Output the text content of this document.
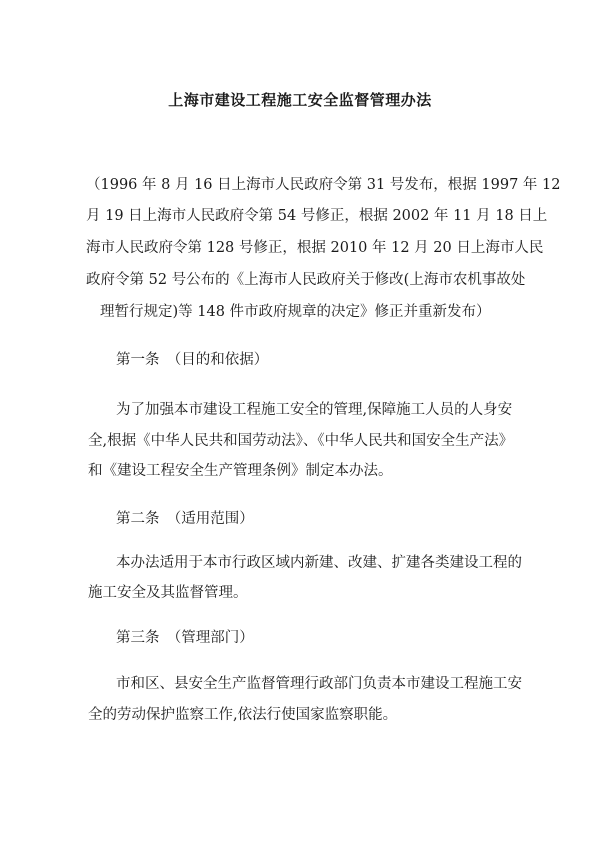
上海市建设工程施工安全监督管理办法

（1996 年 8 月 16 日上海市人民政府令第 31 号发布，根据 1997 年 12

月 19 日上海市人民政府令第 54 号修正，根据 2002 年 11 月 18 日上

海市人民政府令第 128 号修正，根据 2010 年 12 月 20 日上海市人民

政府令第 52 号公布的《上海市人民政府关于修改(上海市农机事故处

理暂行规定)等 148 件市政府规章的决定》修正并重新发布）

第一条　（目的和依据）

为了加强本市建设工程施工安全的管理,保障施工人员的人身安

全,根据《中华人民共和国劳动法》、《中华人民共和国安全生产法》

和《建设工程安全生产管理条例》制定本办法。

第二条　（适用范围）

本办法适用于本市行政区域内新建、改建、扩建各类建设工程的

施工安全及其监督管理。

第三条　（管理部门）

市和区、县安全生产监督管理行政部门负责本市建设工程施工安

全的劳动保护监察工作,依法行使国家监察职能。
